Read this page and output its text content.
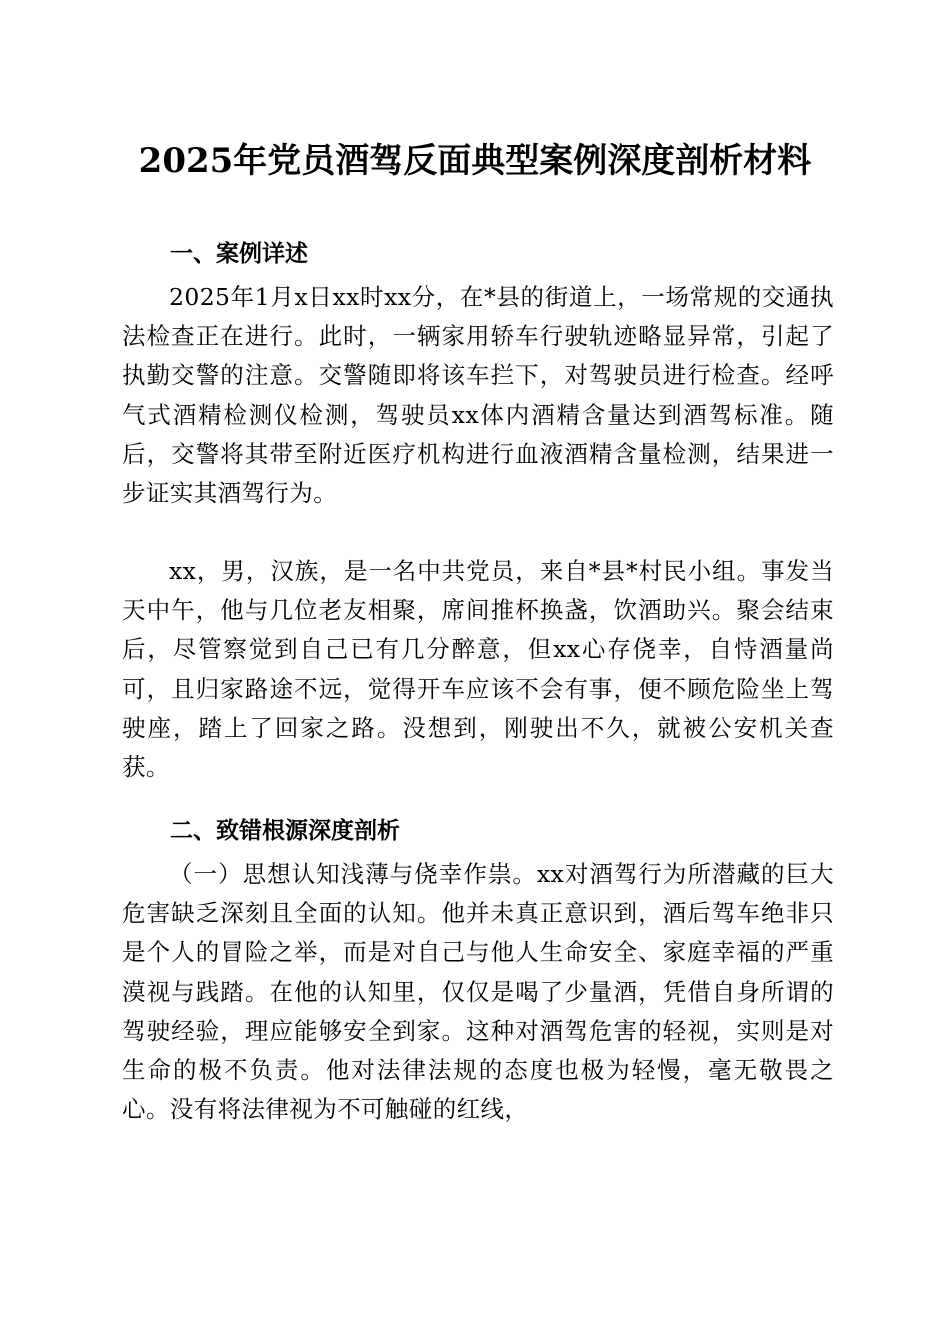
2025年党员酒驾反面典型案例深度剖析材料
一、案例详述
2025年1月x日xx时xx分，在*县的街道上，一场常规的交通执法检查正在进行。此时，一辆家用轿车行驶轨迹略显异常，引起了执勤交警的注意。交警随即将该车拦下，对驾驶员进行检查。经呼气式酒精检测仪检测，驾驶员xx体内酒精含量达到酒驾标准。随后，交警将其带至附近医疗机构进行血液酒精含量检测，结果进一步证实其酒驾行为。
xx，男，汉族，是一名中共党员，来自*县*村民小组。事发当天中午，他与几位老友相聚，席间推杯换盏，饮酒助兴。聚会结束后，尽管察觉到自己已有几分醉意，但xx心存侥幸，自恃酒量尚可，且归家路途不远，觉得开车应该不会有事，便不顾危险坐上驾驶座，踏上了回家之路。没想到，刚驶出不久，就被公安机关查获。
二、致错根源深度剖析
（一）思想认知浅薄与侥幸作祟。xx对酒驾行为所潜藏的巨大危害缺乏深刻且全面的认知。他并未真正意识到，酒后驾车绝非只是个人的冒险之举，而是对自己与他人生命安全、家庭幸福的严重漠视与践踏。在他的认知里，仅仅是喝了少量酒，凭借自身所谓的驾驶经验，理应能够安全到家。这种对酒驾危害的轻视，实则是对生命的极不负责。他对法律法规的态度也极为轻慢，毫无敬畏之心。没有将法律视为不可触碰的红线，
